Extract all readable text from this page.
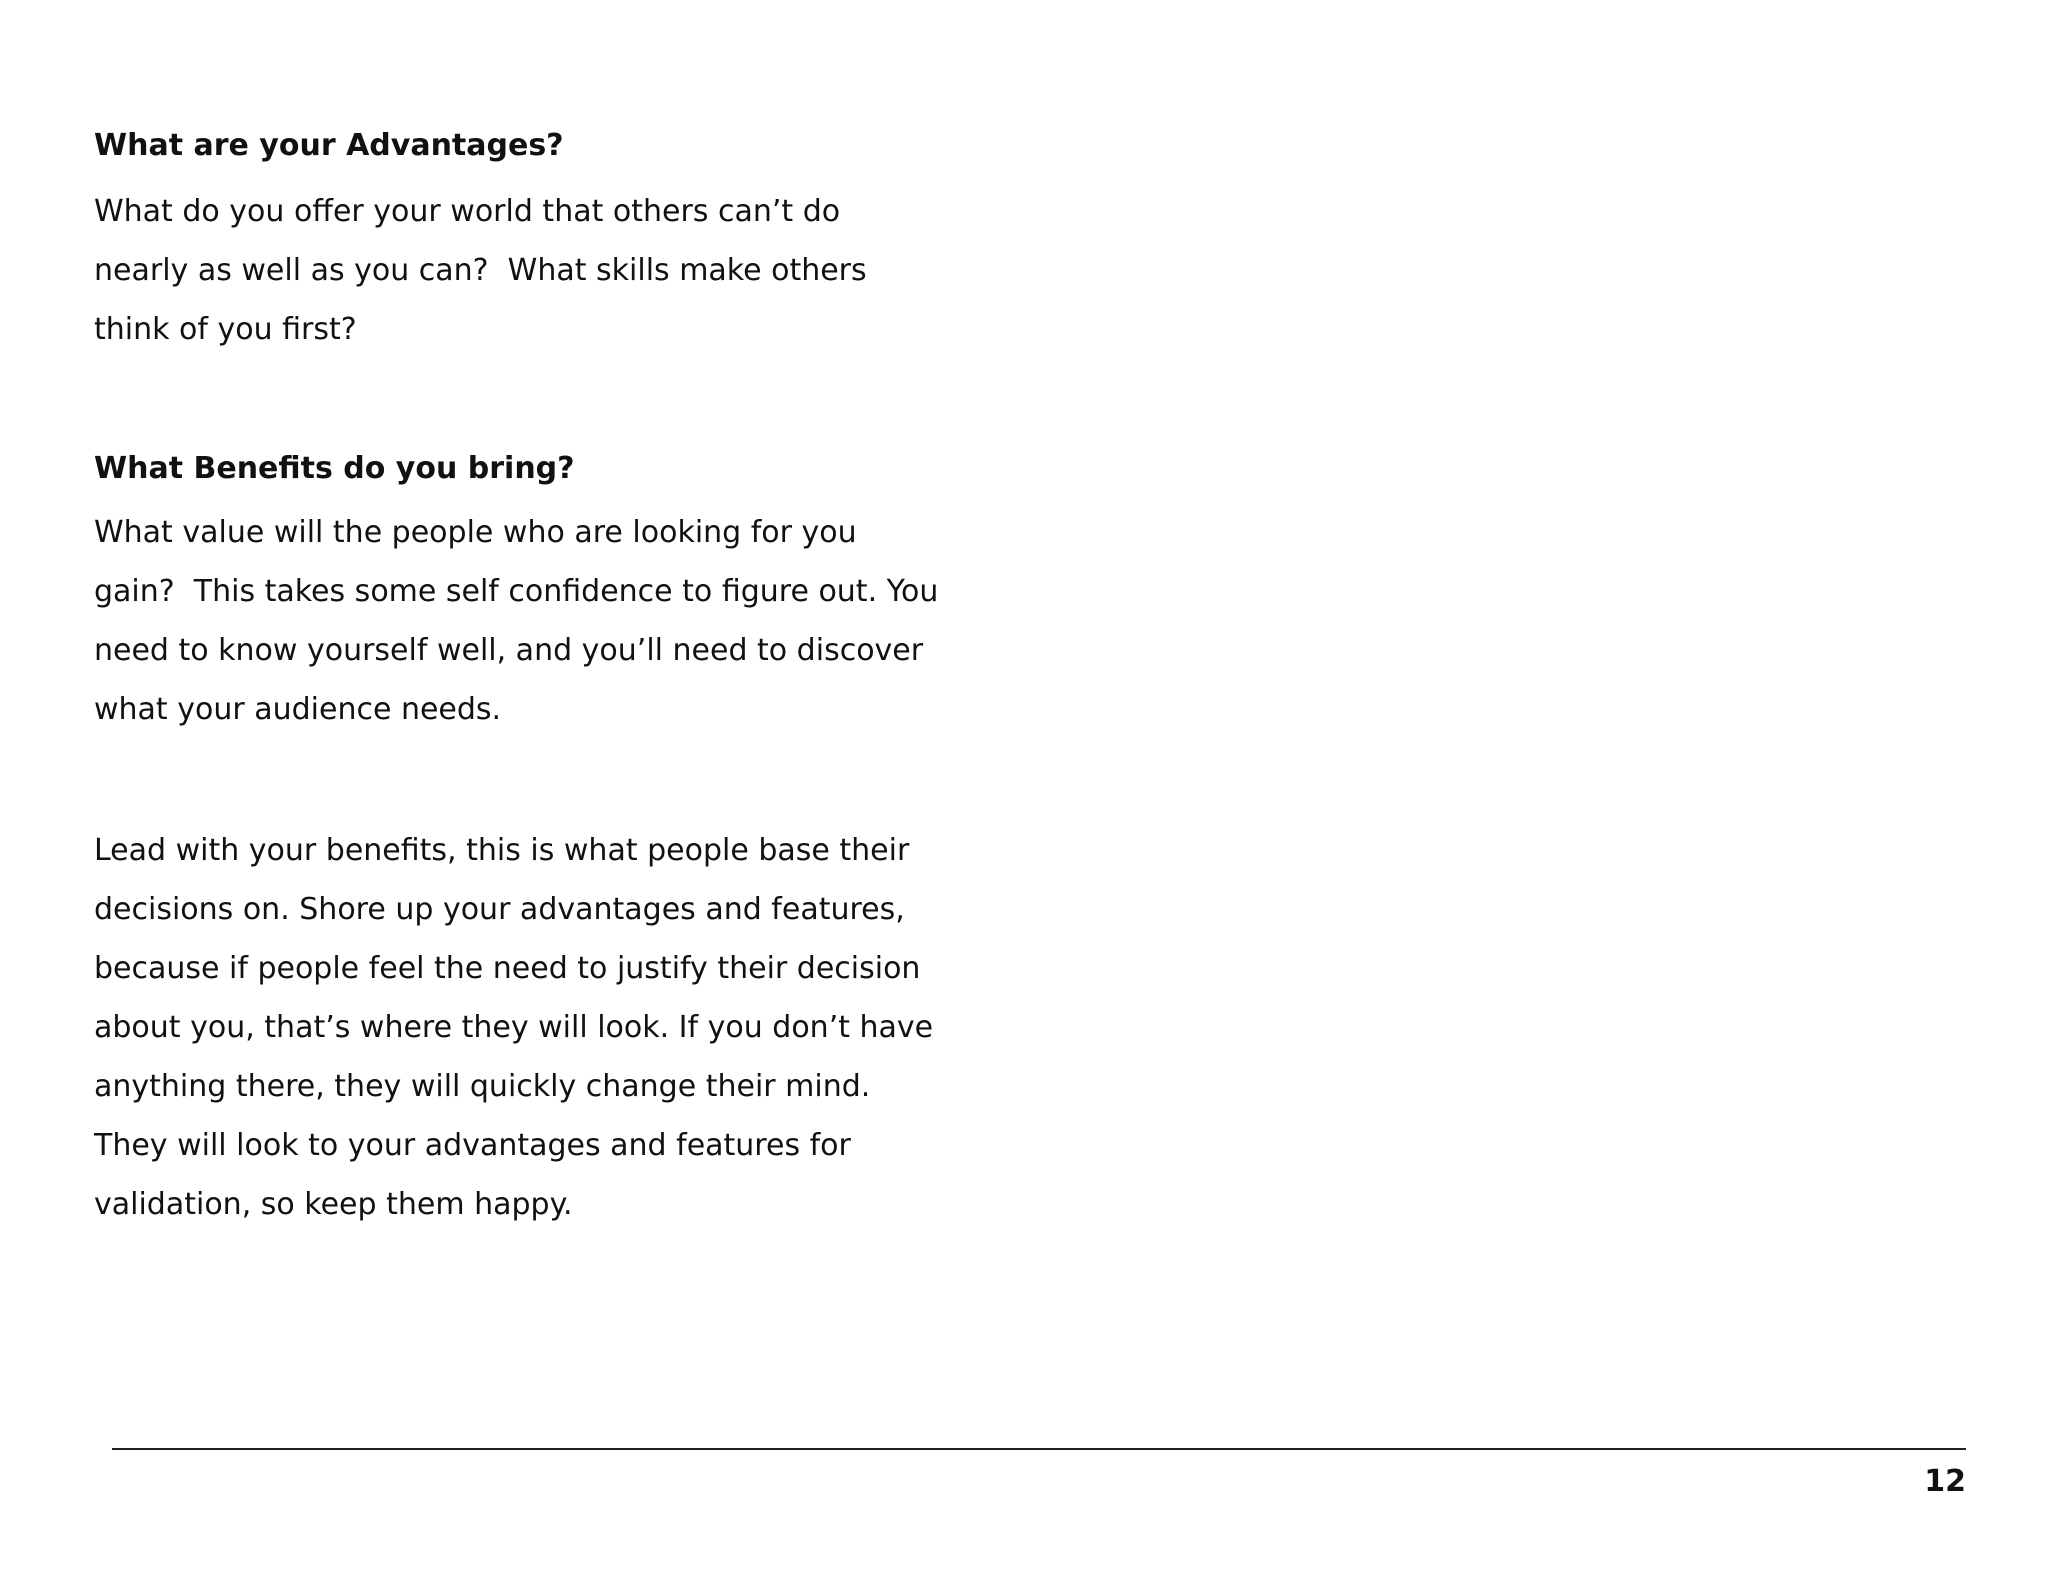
What are your Advantages?

What do you offer your world that others can’t do
nearly as well as you can?  What skills make others
think of you first?

What Benefits do you bring?

What value will the people who are looking for you
gain?  This takes some self confidence to figure out. You
need to know yourself well, and you’ll need to discover
what your audience needs.

Lead with your benefits, this is what people base their
decisions on. Shore up your advantages and features,
because if people feel the need to justify their decision
about you, that’s where they will look. If you don’t have
anything there, they will quickly change their mind.
They will look to your advantages and features for
validation, so keep them happy.

12
